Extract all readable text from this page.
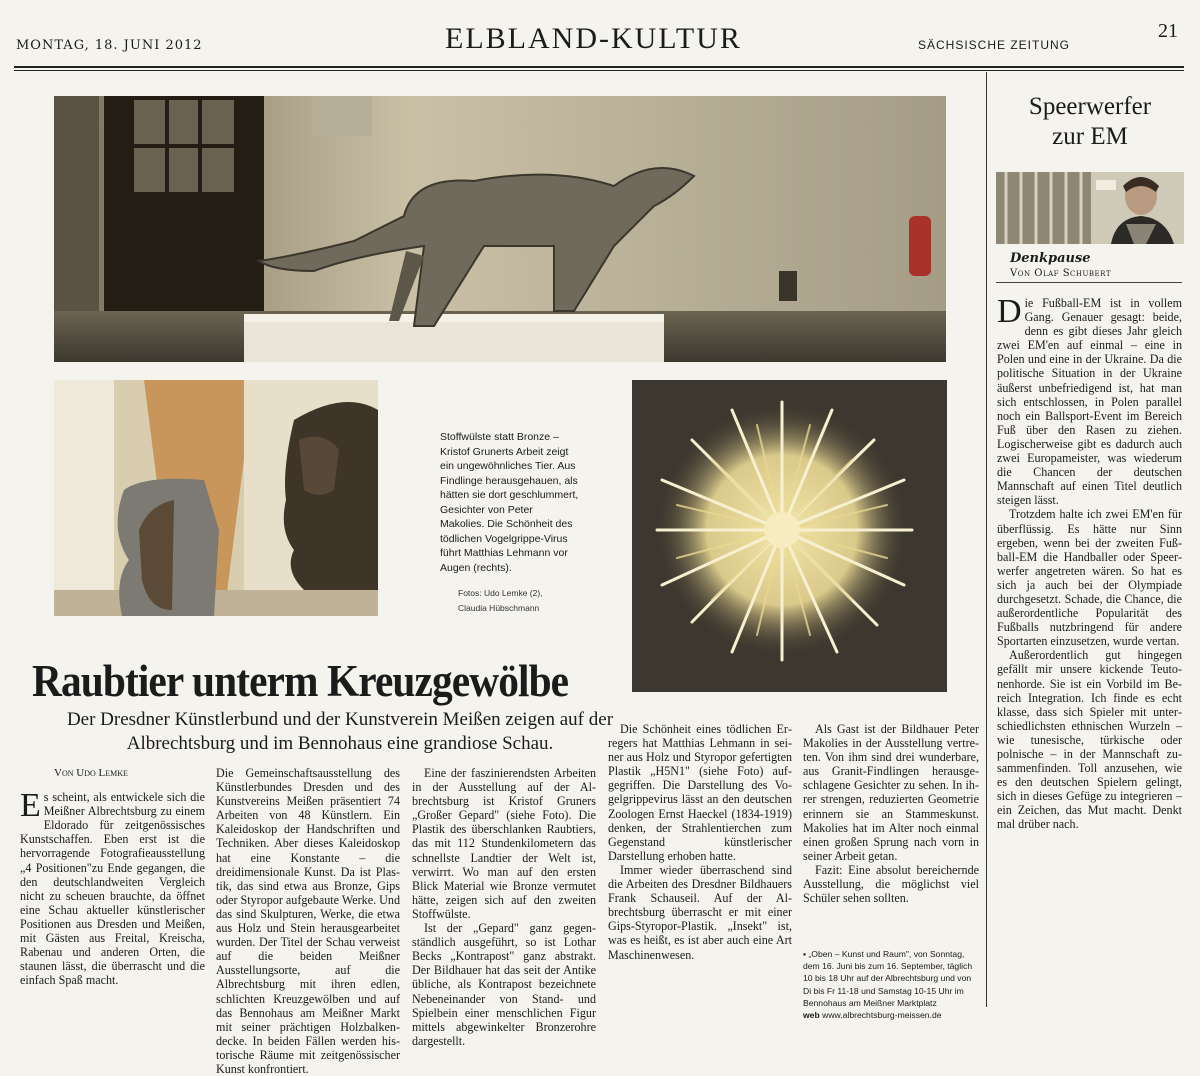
MONTAG, 18. JUNI 2012	ELBLAND-KULTUR	SÄCHSISCHE ZEITUNG
21
Stoffwülste statt Bronze – Kristof Grunerts Arbeit zeigt ein ungewöhnliches Tier. Aus Findlinge herausgehauen, als hätten sie dort geschlummert, Gesichter von Peter Makolies. Die Schönheit des tödlichen Vogelgrippe-Virus führt Matthias Lehmann vor Augen (rechts).
Fotos: Udo Lemke (2),
Claudia Hübschmann
Raubtier unterm Kreuzgewölbe
Der Dresdner Künstlerbund und der Kunstverein Meißen zeigen auf der Albrechtsburg und im Bennohaus eine grandiose Schau.

Von Udo Lemke

Es scheint, als entwickele sich die Meißner Albrechtsburg zu einem Eldorado für zeitgenössisches Kunstschaffen. Eben erst ist die hervorragende Fotografieausstellung „4 Positionen"zu Ende gegangen, die den deutschlandweiten Vergleich nicht zu scheuen brauchte, da öffnet eine Schau aktueller künstlerischer Positionen aus Dresden und Meißen, mit Gästen aus Freital, Kreischa, Rabenau und anderen Orten, die staunen lässt, die überrascht und die einfach Spaß macht.

Die Gemeinschaftsausstellung des Künstlerbundes Dresden und des Kunstvereins Meißen präsentiert 74 Arbeiten von 48 Künstlern. Ein Kaleidoskop der Handschriften und Techniken. Aber dieses Kaleidoskop hat eine Konstante – die dreidimensionale Kunst. Da ist Plastik, das sind etwa aus Bronze, Gips oder Styropor aufgebaute Werke. Und das sind Skulpturen, Werke, die etwa aus Holz und Stein herausgearbeitet wurden. Der Titel der Schau verweist auf die beiden Meißner Ausstellungsorte, auf die Albrechtsburg mit ihren edlen, schlichten Kreuzgewölben und auf das Bennohaus am Meißner Markt mit seiner prächtigen Holzbalkendecke. In beiden Fällen werden historische Räume mit zeitgenössischer Kunst konfrontiert.

Eine der faszinierendsten Arbeiten in der Ausstellung auf der Albrechtsburg ist Kristof Gruners „Großer Gepard" (siehe Foto). Die Plastik des überschlanken Raubtiers, das mit 112 Stundenkilometern das schnellste Landtier der Welt ist, verwirrt. Wo man auf den ersten Blick Material wie Bronze vermutet hätte, zeigen sich auf den zweiten Stoffwülste.

Ist der „Gepard" ganz gegenständlich ausgeführt, so ist Lothar Becks „Kontrapost" ganz abstrakt. Der Bildhauer hat das seit der Antike übliche, als Kontrapost bezeichnete Nebeneinander von Stand- und Spielbein einer menschlichen Figur mittels abgewinkelter Bronzerohre dargestellt.

Die Schönheit eines tödlichen Erregers hat Matthias Lehmann in seiner aus Holz und Styropor gefertigten Plastik „H5N1" (siehe Foto) aufgegriffen. Die Darstellung des Vogelgrippevirus lässt an den deutschen Zoologen Ernst Haeckel (1834-1919) denken, der Strahlentierchen zum Gegenstand künstlerischer Darstellung erhoben hatte.

Immer wieder überraschend sind die Arbeiten des Dresdner Bildhauers Frank Schauseil. Auf der Albrechtsburg überrascht er mit einer Gips-Styropor-Plastik. „Insekt" ist, was es heißt, es ist aber auch eine Art Maschinenwesen.

Als Gast ist der Bildhauer Peter Makolies in der Ausstellung vertreten. Von ihm sind drei wunderbare, aus Granit-Findlingen herausgeschlagene Gesichter zu sehen. In ihrer strengen, reduzierten Geometrie erinnern sie an Stammeskunst. Makolies hat im Alter noch einmal einen großen Sprung nach vorn in seiner Arbeit getan.

Fazit: Eine absolut bereichernde Ausstellung, die möglichst viel Schüler sehen sollten.

▪ „Oben – Kunst und Raum", von Sonntag, dem 16. Juni bis zum 16. September, täglich 10 bis 18 Uhr auf der Albrechtsburg und von Di bis Fr 11-18 und Samstag 10-15 Uhr im Bennohaus am Meißner Marktplatz
web www.albrechtsburg-meissen.de
Speerwerfer
zur EM
Denkpause
Von Olaf Schubert

Die Fußball-EM ist in vollem Gang. Genauer gesagt: beide, denn es gibt dieses Jahr gleich zwei EM'en auf einmal – eine in Polen und eine in der Ukraine. Da die politische Situation in der Ukraine äußerst unbefriedigend ist, hat man sich entschlossen, in Polen parallel noch ein Ballsport-Event im Bereich Fuß über den Rasen zu ziehen. Logischerweise gibt es dadurch auch zwei Europameister, was wiederum die Chancen der deutschen Mannschaft auf einen Titel deutlich steigen lässt.

Trotzdem halte ich zwei EM'en für überflüssig. Es hätte nur Sinn ergeben, wenn bei der zweiten Fußball-EM die Handballer oder Speerwerfer angetreten wären. So hat es sich ja auch bei der Olympiade durchgesetzt. Schade, die Chance, die außerordentliche Popularität des Fußballs nutzbringend für andere Sportarten einzusetzen, wurde vertan.

Außerordentlich gut hingegen gefällt mir unsere kickende Teutonenhorde. Sie ist ein Vorbild im Bereich Integration. Ich finde es echt klasse, dass sich Spieler mit unterschiedlichsten ethnischen Wurzeln – wie tunesische, türkische oder polnische – in der Mannschaft zusammenfinden. Toll anzusehen, wie es den deutschen Spielern gelingt, sich in dieses Gefüge zu integrieren – ein Zeichen, das Mut macht. Denkt mal drüber nach.
